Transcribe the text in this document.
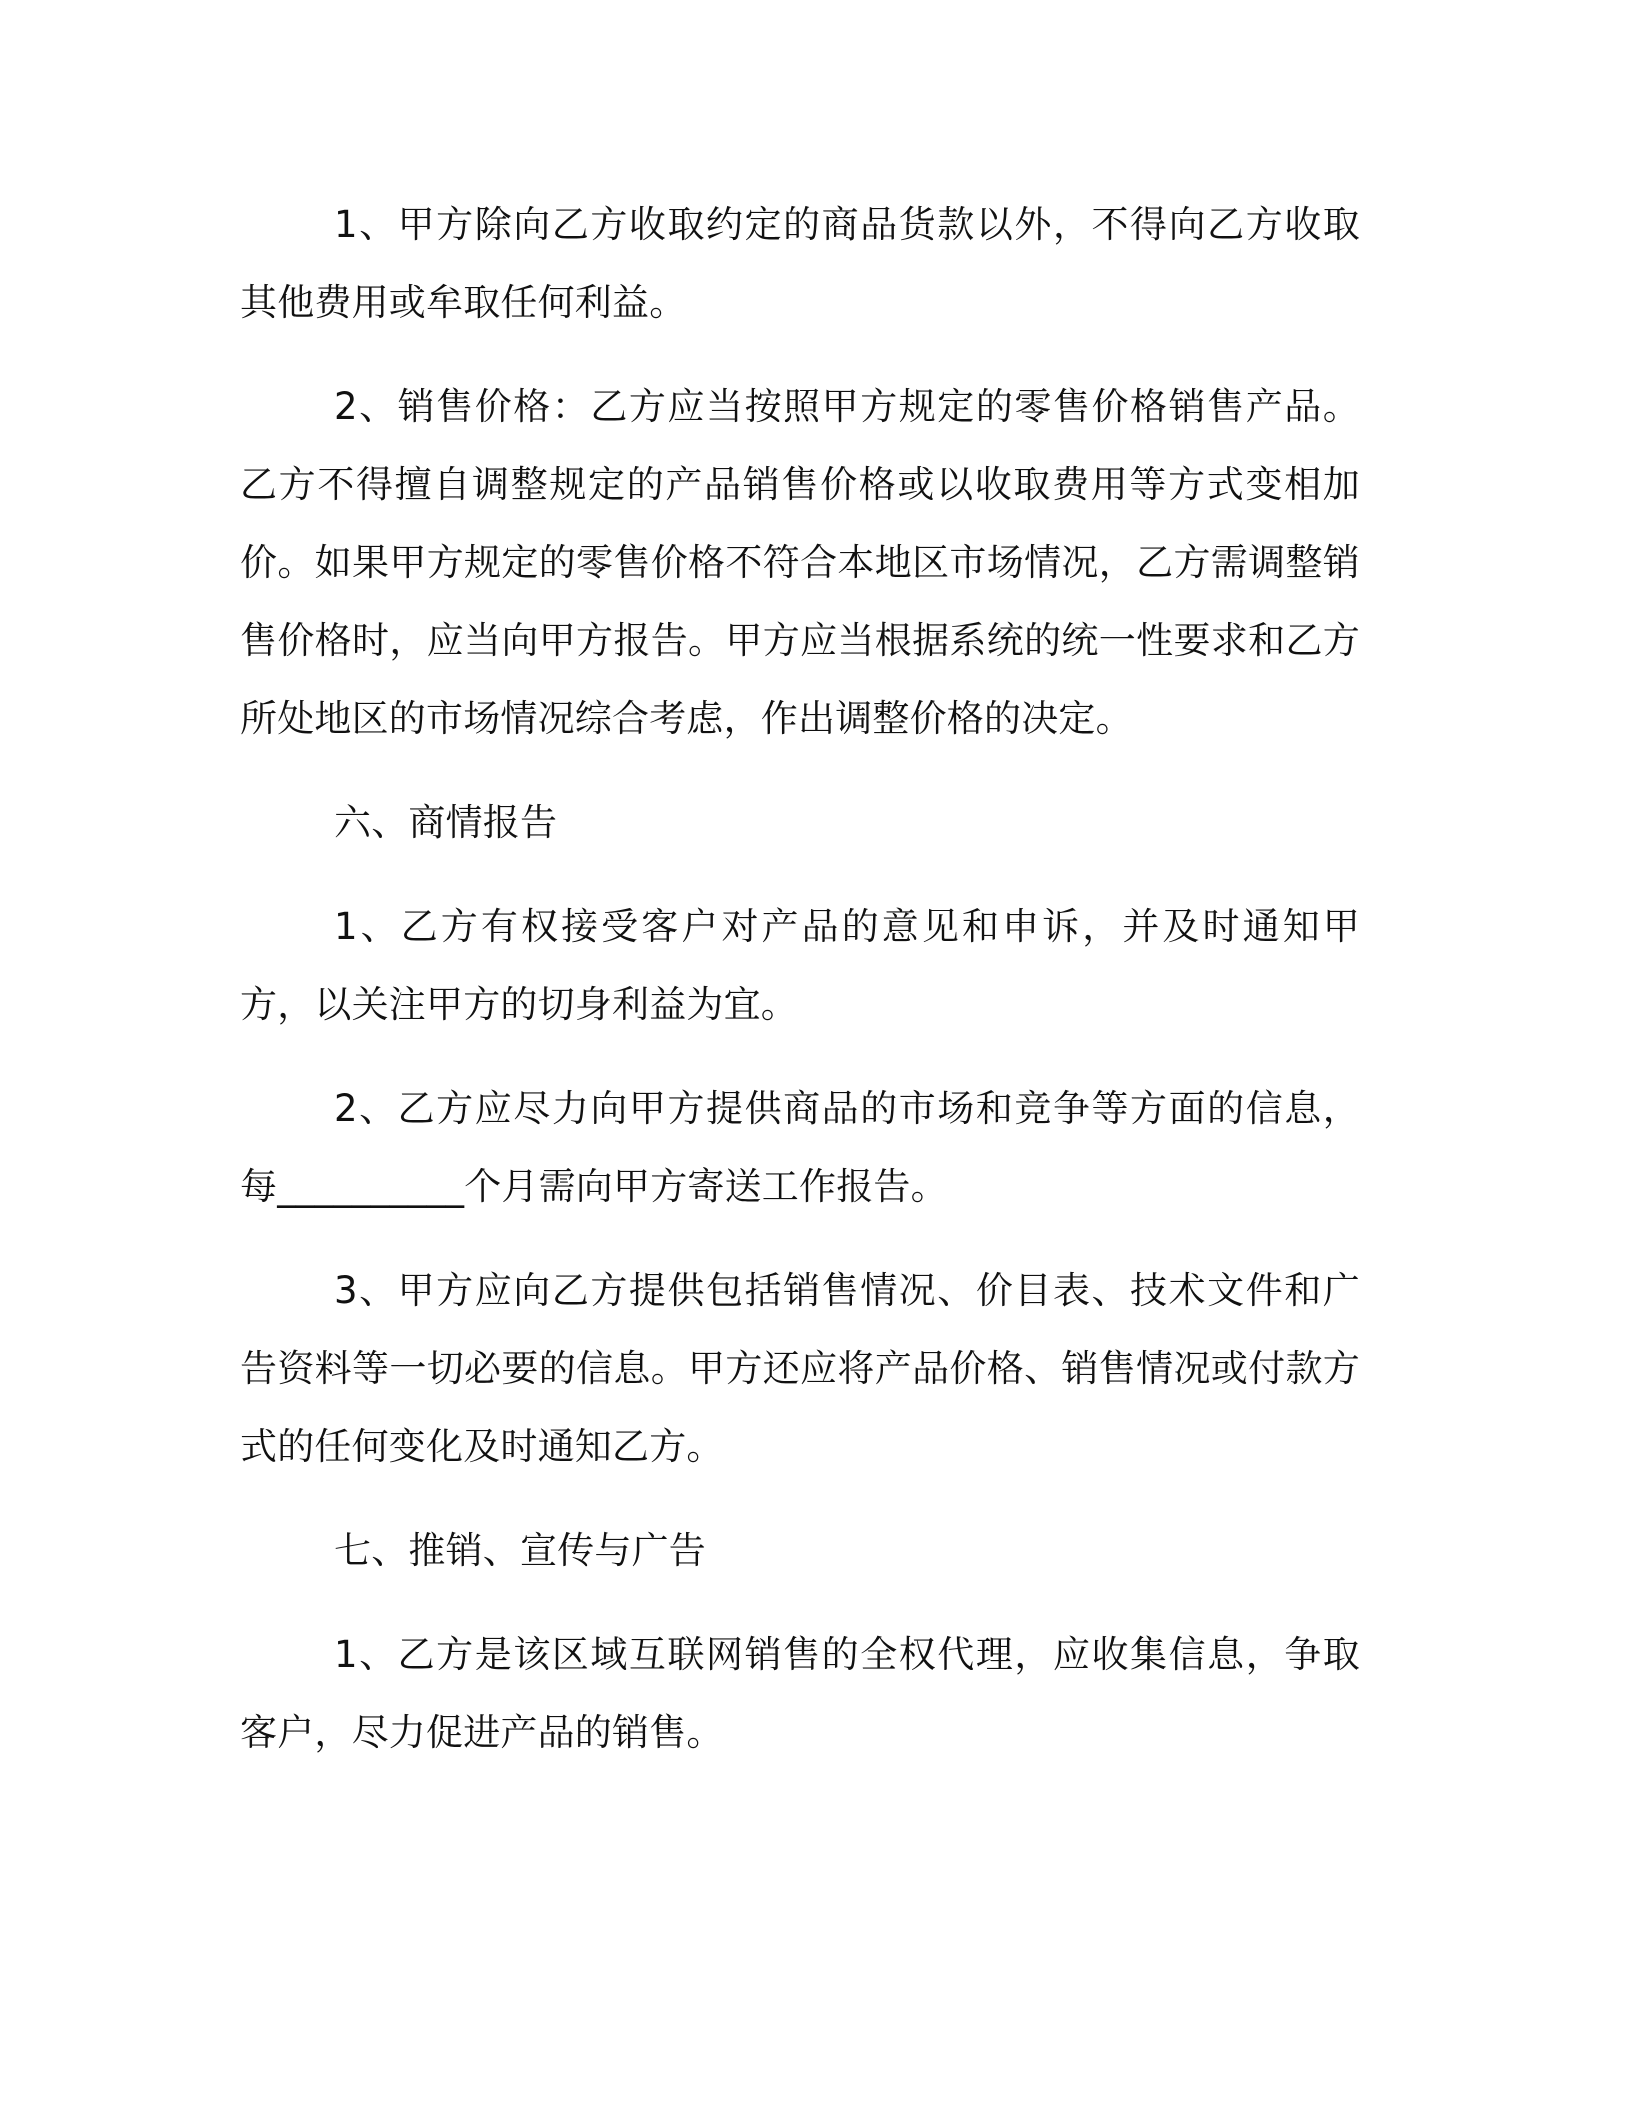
1、甲方除向乙方收取约定的商品货款以外，不得向乙方收取其他费用或牟取任何利益。

2、销售价格：乙方应当按照甲方规定的零售价格销售产品。乙方不得擅自调整规定的产品销售价格或以收取费用等方式变相加价。如果甲方规定的零售价格不符合本地区市场情况，乙方需调整销售价格时，应当向甲方报告。甲方应当根据系统的统一性要求和乙方所处地区的市场情况综合考虑，作出调整价格的决定。

六、商情报告

1、乙方有权接受客户对产品的意见和申诉，并及时通知甲方，以关注甲方的切身利益为宜。

2、乙方应尽力向甲方提供商品的市场和竞争等方面的信息，每__________个月需向甲方寄送工作报告。

3、甲方应向乙方提供包括销售情况、价目表、技术文件和广告资料等一切必要的信息。甲方还应将产品价格、销售情况或付款方式的任何变化及时通知乙方。

七、推销、宣传与广告

1、乙方是该区域互联网销售的全权代理，应收集信息，争取客户，尽力促进产品的销售。
